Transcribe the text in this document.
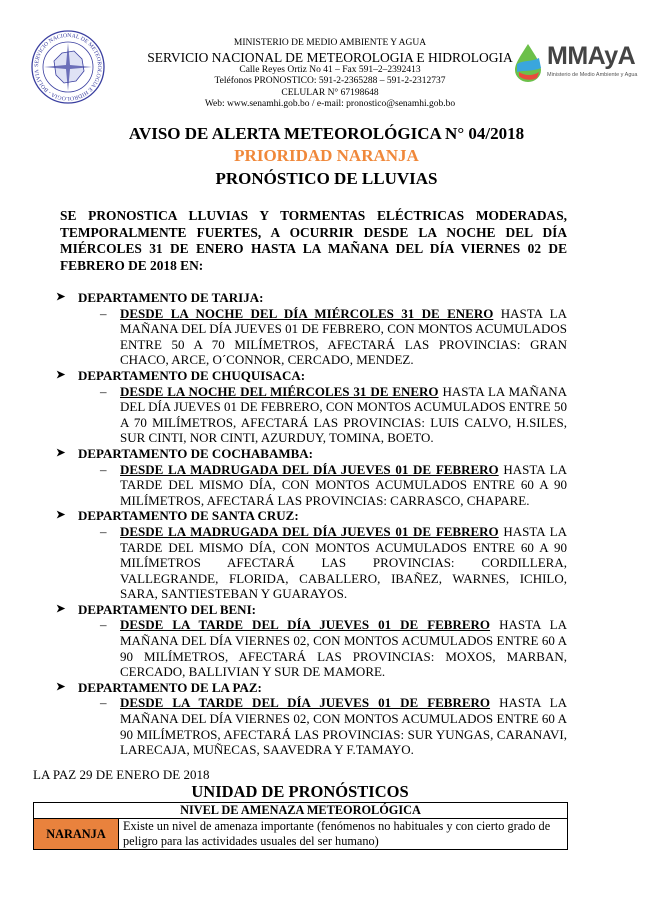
SERVICIO NACIONAL DE METEOROLOGIA E HIDROLOGIA - BOLIVIA
MINISTERIO DE MEDIO AMBIENTE Y AGUA
SERVICIO NACIONAL DE METEOROLOGIA E HIDROLOGIA
Calle Reyes Ortiz No 41 – Fax 591–2–2392413
Teléfonos PRONOSTICO: 591-2-2365288 – 591-2-2312737
CELULAR N° 67198648
Web: www.senamhi.gob.bo / e-mail: pronostico@senamhi.gob.bo
MMAyA
Ministerio de Medio Ambiente y Agua
AVISO DE ALERTA METEOROLÓGICA N° 04/2018
PRIORIDAD NARANJA
PRONÓSTICO DE LLUVIAS
SE PRONOSTICA LLUVIAS Y TORMENTAS ELÉCTRICAS MODERADAS, TEMPORALMENTE FUERTES, A OCURRIR DESDE LA NOCHE DEL DÍA MIÉRCOLES 31 DE ENERO HASTA LA MAÑANA DEL DÍA VIERNES 02 DE FEBRERO DE 2018 EN:
➤ DEPARTAMENTO DE TARIJA:
– DESDE LA NOCHE DEL DÍA MIÉRCOLES 31 DE ENERO HASTA LA MAÑANA DEL DÍA JUEVES 01 DE FEBRERO, CON MONTOS ACUMULADOS ENTRE 50 A 70 MILÍMETROS, AFECTARÁ LAS PROVINCIAS: GRAN CHACO, ARCE, O´CONNOR, CERCADO, MENDEZ.
➤ DEPARTAMENTO DE CHUQUISACA:
– DESDE LA NOCHE DEL MIÉRCOLES 31 DE ENERO HASTA LA MAÑANA DEL DÍA JUEVES 01 DE FEBRERO, CON MONTOS ACUMULADOS ENTRE 50 A 70 MILÍMETROS, AFECTARÁ LAS PROVINCIAS: LUIS CALVO, H.SILES, SUR CINTI, NOR CINTI, AZURDUY, TOMINA, BOETO.
➤ DEPARTAMENTO DE COCHABAMBA:
– DESDE LA MADRUGADA DEL DÍA JUEVES 01 DE FEBRERO HASTA LA TARDE DEL MISMO DÍA, CON MONTOS ACUMULADOS ENTRE 60 A 90 MILÍMETROS, AFECTARÁ LAS PROVINCIAS: CARRASCO, CHAPARE.
➤ DEPARTAMENTO DE SANTA CRUZ:
– DESDE LA MADRUGADA DEL DÍA JUEVES 01 DE FEBRERO HASTA LA TARDE DEL MISMO DÍA, CON MONTOS ACUMULADOS ENTRE 60 A 90 MILÍMETROS AFECTARÁ LAS PROVINCIAS: CORDILLERA, VALLEGRANDE, FLORIDA, CABALLERO, IBAÑEZ, WARNES, ICHILO, SARA, SANTIESTEBAN Y GUARAYOS.
➤ DEPARTAMENTO DEL BENI:
– DESDE LA TARDE DEL DÍA JUEVES 01 DE FEBRERO HASTA LA MAÑANA DEL DÍA VIERNES 02, CON MONTOS ACUMULADOS ENTRE 60 A 90 MILÍMETROS, AFECTARÁ LAS PROVINCIAS: MOXOS, MARBAN, CERCADO, BALLIVIAN Y SUR DE MAMORE.
➤ DEPARTAMENTO DE LA PAZ:
– DESDE LA TARDE DEL DÍA JUEVES 01 DE FEBRERO HASTA LA MAÑANA DEL DÍA VIERNES 02, CON MONTOS ACUMULADOS ENTRE 60 A 90 MILÍMETROS, AFECTARÁ LAS PROVINCIAS: SUR YUNGAS, CARANAVI, LARECAJA, MUÑECAS, SAAVEDRA Y F.TAMAYO.
LA PAZ 29 DE ENERO DE 2018
UNIDAD DE PRONÓSTICOS
NIVEL DE AMENAZA METEOROLÓGICA
NARANJA	Existe un nivel de amenaza importante (fenómenos no habituales y con cierto grado de peligro para las actividades usuales del ser humano)
